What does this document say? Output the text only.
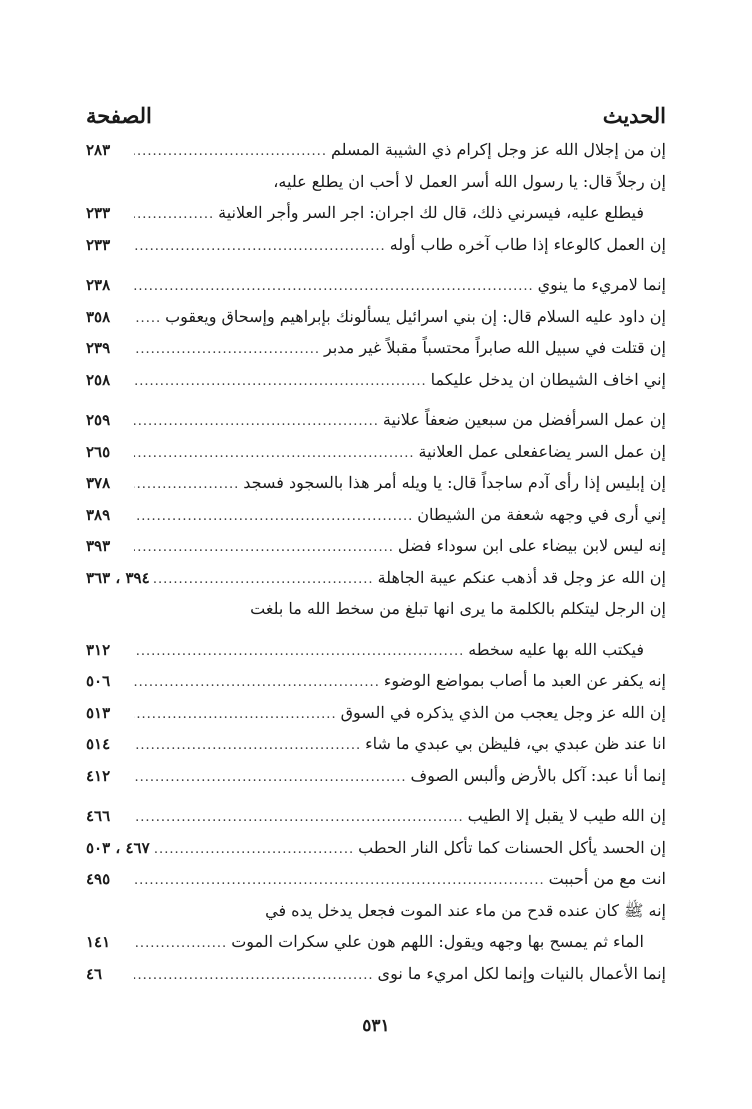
الحديث
الصفحة
إن من إجلال الله عز وجل إكرام ذي الشيبة المسلم
.....
٢٨٣
إن رجلاً قال: يا رسول الله أسر العمل لا أحب ان يطلع عليه،
فيطلع عليه، فيسرني ذلك، قال لك اجران: اجر السر وأجر العلانية
.....
٢٣٣
إن العمل كالوعاء إذا طاب آخره طاب أوله
.....
٢٣٣
إنما لامريء ما ينوي
.....
٢٣٨
إن داود عليه السلام قال: إن بني اسرائيل يسألونك بإبراهيم وإسحاق ويعقوب
.....
٣٥٨
إن قتلت في سبيل الله صابراً محتسباً مقبلاً غير مدبر
.....
٢٣٩
إني اخاف الشيطان ان يدخل عليكما
.....
٢٥٨
إن عمل السرأفضل من سبعين ضعفاً علانية
.....
٢٥٩
إن عمل السر يضاعفعلى عمل العلانية
.....
٢٦٥
إن إبليس إذا رأى آدم ساجداً قال: يا ويله أمر هذا بالسجود فسجد
.....
٣٧٨
إني أرى في وجهه شعفة من الشيطان
.....
٣٨٩
إنه ليس لابن بيضاء على ابن سوداء فضل
.....
٣٩٣
إن الله عز وجل قد أذهب عنكم عيبة الجاهلة
.....
٣٩٤ ، ٣٦٣
إن الرجل ليتكلم بالكلمة ما يرى انها تبلغ من سخط الله ما بلغت
فيكتب الله بها عليه سخطه
.....
٣١٢
إنه يكفر عن العبد ما أصاب بمواضع الوضوء
.....
٥٠٦
إن الله عز وجل يعجب من الذي يذكره في السوق
.....
٥١٣
انا عند ظن عبدي بي، فليظن بي عبدي ما شاء
.....
٥١٤
إنما أنا عبد: آكل بالأرض وألبس الصوف
.....
٤١٢
إن الله طيب لا يقبل إلا الطيب
.....
٤٦٦
إن الحسد يأكل الحسنات كما تأكل النار الحطب
.....
٤٦٧ ، ٥٠٣
انت مع من أحببت
.....
٤٩٥
إنه ﷺ كان عنده قدح من ماء عند الموت فجعل يدخل يده في
الماء ثم يمسح بها وجهه ويقول: اللهم هون علي سكرات الموت
.....
١٤١
إنما الأعمال بالنيات وإنما لكل امريء ما نوى
.....
٤٦
٥٣١
